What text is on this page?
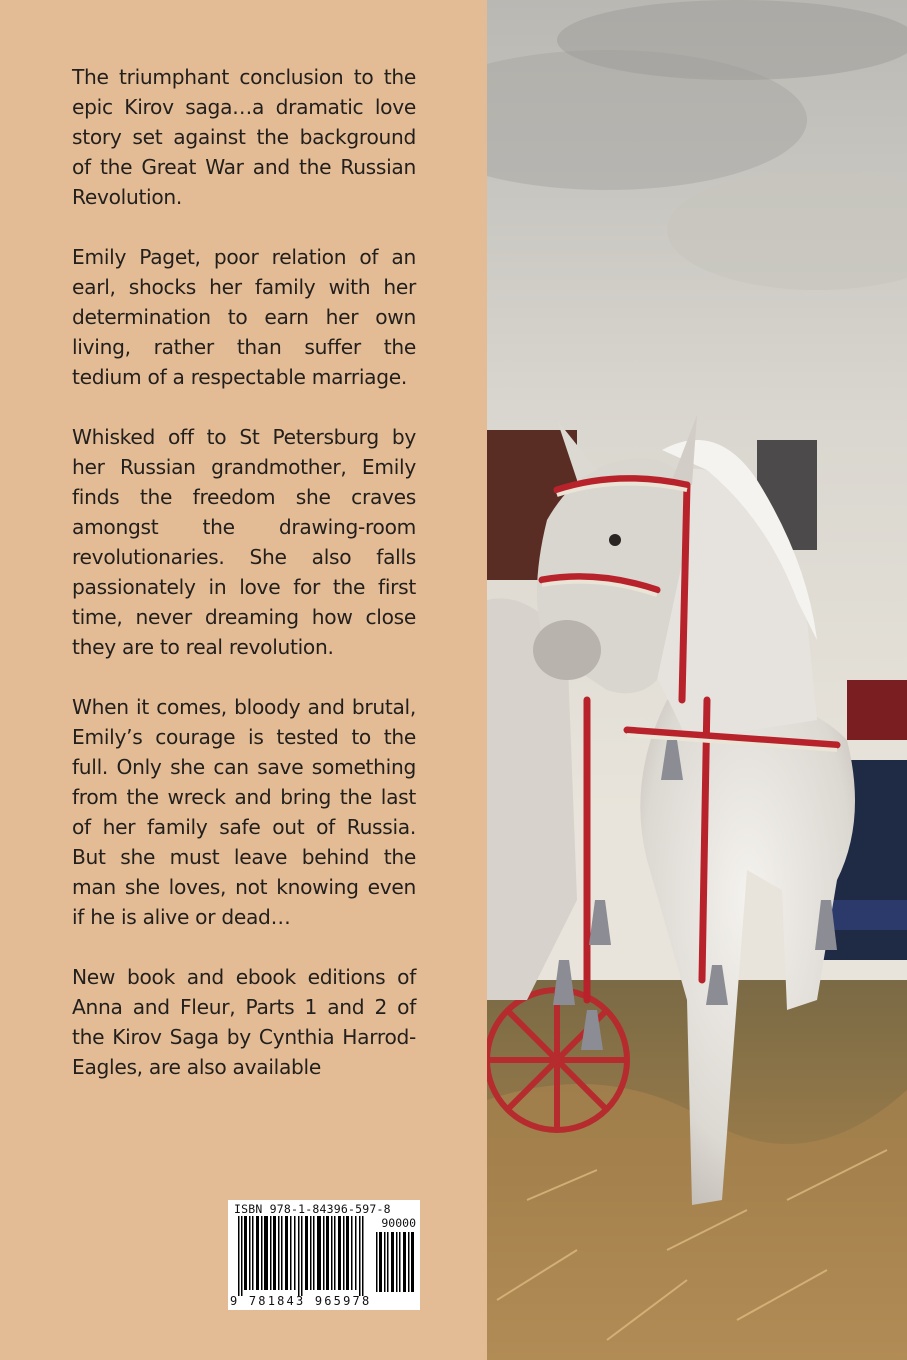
The triumphant conclusion to the epic Kirov saga…a dramatic love story set against the background of the Great War and the Russian Revolution.

Emily Paget, poor relation of an earl, shocks her family with her determination to earn her own living, rather than suffer the tedium of a respectable marriage.

Whisked off to St Petersburg by her Russian grandmother, Emily finds the freedom she craves amongst the drawing-room revolutionaries. She also falls passionately in love for the first time, never dreaming how close they are to real revolution.

When it comes, bloody and brutal, Emily’s courage is tested to the full. Only she can save something from the wreck and bring the last of her family safe out of Russia. But she must leave behind the man she loves, not knowing even if he is alive or dead…

New book and ebook editions of Anna and Fleur, Parts 1 and 2 of the Kirov Saga by Cynthia Harrod-Eagles, are also available

ISBN 978-1-84396-597-8
90000
9 781843 965978
